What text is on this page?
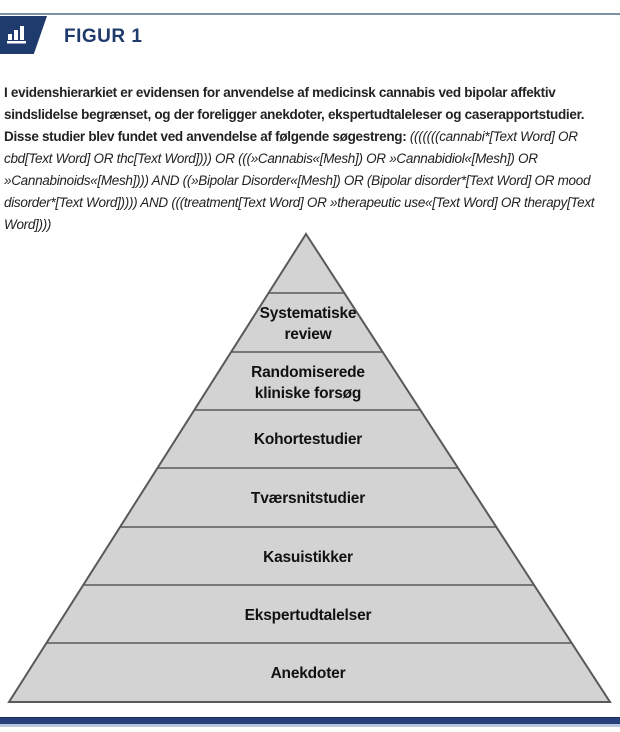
FIGUR 1

I evidenshierarkiet er evidensen for anvendelse af medicinsk cannabis ved bipolar affektiv sindslidelse begrænset, og der foreligger anekdoter, ekspertudtaleleser og caserapportstudier. Disse studier blev fundet ved anvendelse af følgende søgestreng: (((((((cannabi*[Text Word] OR cbd[Text Word] OR thc[Text Word]))) OR (((»Cannabis«[Mesh]) OR »Cannabidiol«[Mesh]) OR »Cannabinoids«[Mesh]))) AND ((»Bipolar Disorder«[Mesh]) OR (Bipolar disorder*[Text Word] OR mood disorder*[Text Word])))) AND (((treatment[Text Word] OR »therapeutic use«[Text Word] OR therapy[Text Word])))

Systematiske
review
Randomiserede
kliniske forsøg
Kohortestudier
Tværsnitstudier
Kasuistikker
Ekspertudtalelser
Anekdoter
